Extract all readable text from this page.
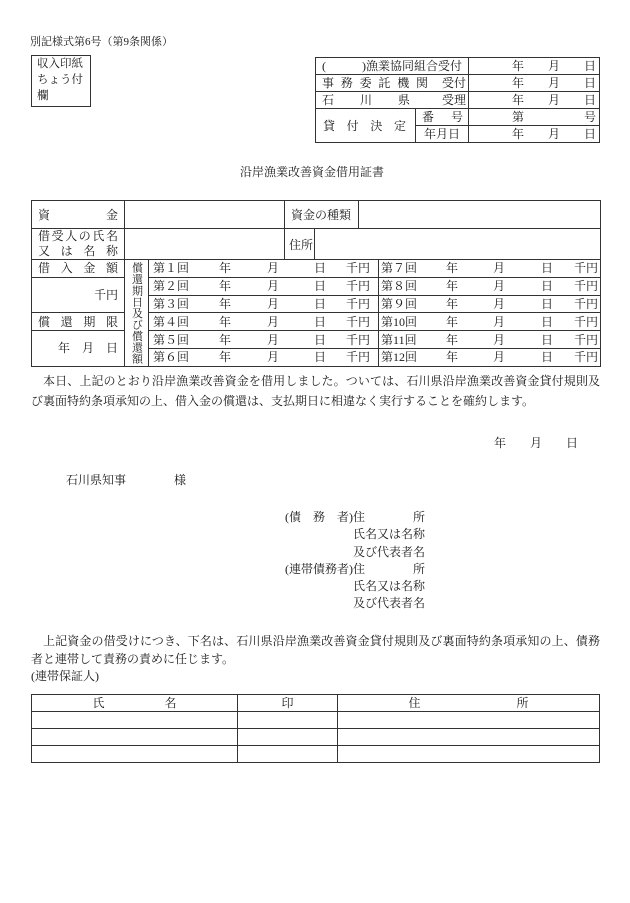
別記様式第6号（第9条関係）
収入印紙
ちょう付
欄
(　　　)漁業協同組合受付		年　　月　　日

事 務 委 託 機 関 受付		年　　月　　日

石　　川　　県 受理		年　　月　　日
貸 付 決 定	番　号	第　　　　　号
	年月日	年　　月　　日
沿岸漁業改善資金借用証書
資　　　金			資金の種類			

借受人の氏名
又 は 名 称			住所			

借 入 金 額	償還期日及び償還額	第１回 年 月 日 千円				第７回 年 月 日 千円

千円		第２回 年 月 日 千円				第８回 年 月 日 千円

		第３回 年 月 日 千円				第９回 年 月 日 千円

償 還 期 限		第４回 年 月 日 千円				第10回 年 月 日 千円

年　月　日		第５回 年 月 日 千円				第11回 年 月 日 千円

		第６回 年 月 日 千円				第12回 年 月 日 千円
本日、上記のとおり沿岸漁業改善資金を借用しました。ついては、石川県沿岸漁業改善資金貸付規則及び裏面特約条項承知の上、借入金の償還は、支払期日に相違なく実行することを確約します。
年　　月　　日
石川県知事	様
(債　務　者)住　　　　所
氏名又は名称
及び代表者名
(連帯債務者)住　　　　所
氏名又は名称
及び代表者名
上記資金の借受けにつき、下名は、石川県沿岸漁業改善資金貸付規則及び裏面特約条項承知の上、債務者と連帯して責務の責めに任じます。
(連帯保証人)
氏　　　　　名	印	住　　　　　　　　所
